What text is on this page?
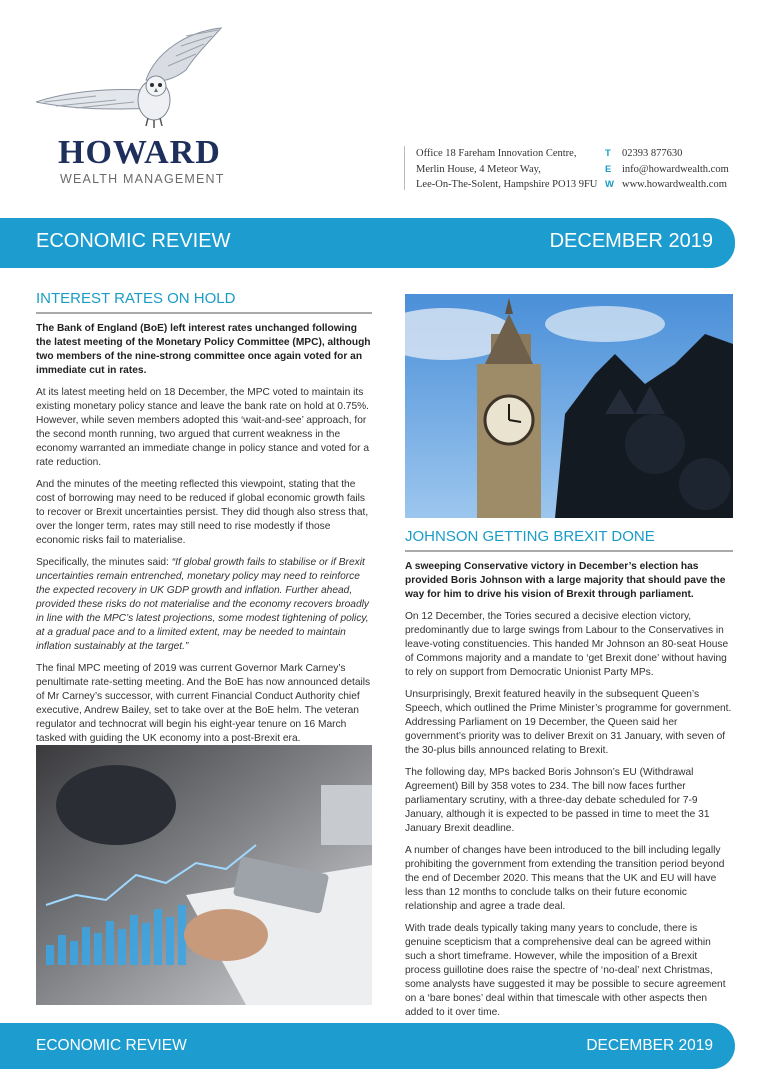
HOWARD
WEALTH MANAGEMENT
Office 18 Fareham Innovation Centre,
Merlin House, 4 Meteor Way,
Lee-On-The-Solent, Hampshire PO13 9FU
T 02393 877630
E info@howardwealth.com
W www.howardwealth.com
ECONOMIC REVIEW	DECEMBER 2019
INTEREST RATES ON HOLD
The Bank of England (BoE) left interest rates unchanged following the latest meeting of the Monetary Policy Committee (MPC), although two members of the nine-strong committee once again voted for an immediate cut in rates.
At its latest meeting held on 18 December, the MPC voted to maintain its existing monetary policy stance and leave the bank rate on hold at 0.75%. However, while seven members adopted this ‘wait-and-see’ approach, for the second month running, two argued that current weakness in the economy warranted an immediate change in policy stance and voted for a rate reduction.
And the minutes of the meeting reflected this viewpoint, stating that the cost of borrowing may need to be reduced if global economic growth fails to recover or Brexit uncertainties persist. They did though also stress that, over the longer term, rates may still need to rise modestly if those economic risks fail to materialise.
Specifically, the minutes said: “If global growth fails to stabilise or if Brexit uncertainties remain entrenched, monetary policy may need to reinforce the expected recovery in UK GDP growth and inflation. Further ahead, provided these risks do not materialise and the economy recovers broadly in line with the MPC’s latest projections, some modest tightening of policy, at a gradual pace and to a limited extent, may be needed to maintain inflation sustainably at the target.”
The final MPC meeting of 2019 was current Governor Mark Carney’s penultimate rate-setting meeting. And the BoE has now announced details of Mr Carney’s successor, with current Financial Conduct Authority chief executive, Andrew Bailey, set to take over at the BoE helm. The veteran regulator and technocrat will begin his eight-year tenure on 16 March tasked with guiding the UK economy into a post-Brexit era.
JOHNSON GETTING BREXIT DONE
A sweeping Conservative victory in December’s election has provided Boris Johnson with a large majority that should pave the way for him to drive his vision of Brexit through parliament.
On 12 December, the Tories secured a decisive election victory, predominantly due to large swings from Labour to the Conservatives in leave-voting constituencies. This handed Mr Johnson an 80-seat House of Commons majority and a mandate to ‘get Brexit done’ without having to rely on support from Democratic Unionist Party MPs.
Unsurprisingly, Brexit featured heavily in the subsequent Queen’s Speech, which outlined the Prime Minister’s programme for government. Addressing Parliament on 19 December, the Queen said her government’s priority was to deliver Brexit on 31 January, with seven of the 30-plus bills announced relating to Brexit.
The following day, MPs backed Boris Johnson’s EU (Withdrawal Agreement) Bill by 358 votes to 234. The bill now faces further parliamentary scrutiny, with a three-day debate scheduled for 7-9 January, although it is expected to be passed in time to meet the 31 January Brexit deadline.
A number of changes have been introduced to the bill including legally prohibiting the government from extending the transition period beyond the end of December 2020. This means that the UK and EU will have less than 12 months to conclude talks on their future economic relationship and agree a trade deal.
With trade deals typically taking many years to conclude, there is genuine scepticism that a comprehensive deal can be agreed within such a short timeframe. However, while the imposition of a Brexit process guillotine does raise the spectre of ‘no-deal’ next Christmas, some analysts have suggested it may be possible to secure agreement on a ‘bare bones’ deal within that timescale with other aspects then added to it over time.
ECONOMIC REVIEW	DECEMBER 2019
